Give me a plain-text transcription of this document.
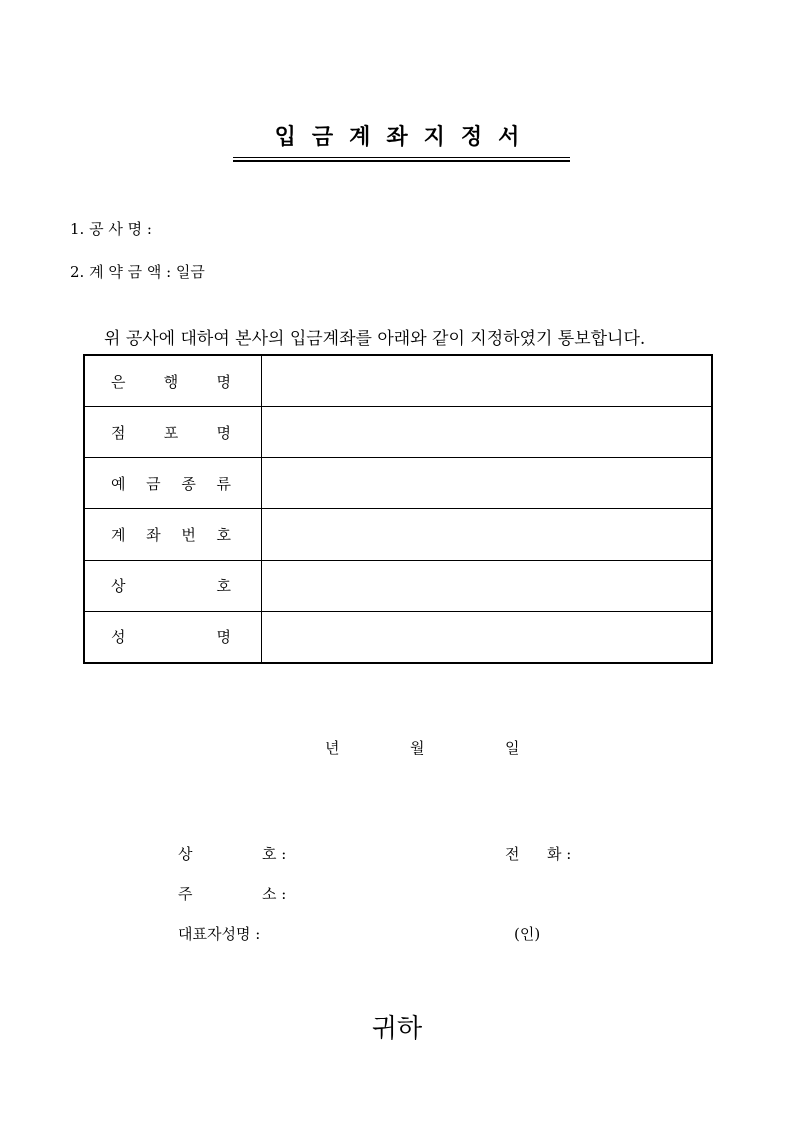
입금계좌지정서
1. 공 사 명 :
2. 계 약 금 액 : 일금
위 공사에 대하여 본사의 입금계좌를 아래와 같이 지정하였기 통보합니다.
은 행 명	

점 포 명	

예 금 종 류	

계 좌 번 호	

상 호	

성 명	

년	월	일
상	호 :	전 화 :
주	소 :
대표자성명 :	(인)
귀하
